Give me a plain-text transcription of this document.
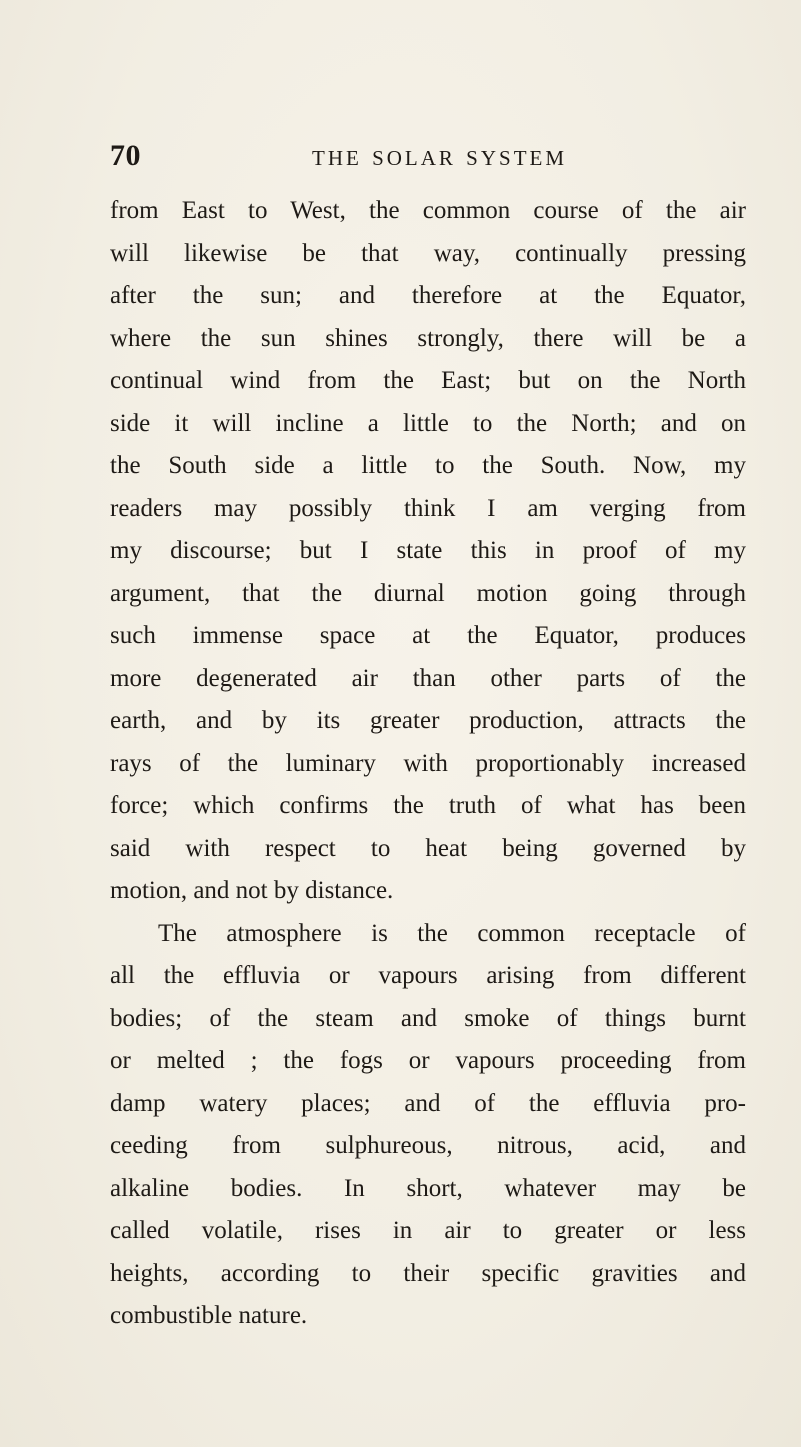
70	THE SOLAR SYSTEM
from East to West, the common course of the air
will likewise be that way, continually pressing
after the sun; and therefore at the Equator,
where the sun shines strongly, there will be a
continual wind from the East; but on the North
side it will incline a little to the North; and on
the South side a little to the South. Now, my
readers may possibly think I am verging from
my discourse; but I state this in proof of my
argument, that the diurnal motion going through
such immense space at the Equator, produces
more degenerated air than other parts of the
earth, and by its greater production, attracts the
rays of the luminary with proportionably increased
force; which confirms the truth of what has been
said with respect to heat being governed by
motion, and not by distance.
The atmosphere is the common receptacle of
all the effluvia or vapours arising from different
bodies; of the steam and smoke of things burnt
or melted ; the fogs or vapours proceeding from
damp watery places; and of the effluvia pro-
ceeding from sulphureous, nitrous, acid, and
alkaline bodies. In short, whatever may be
called volatile, rises in air to greater or less
heights, according to their specific gravities and
combustible nature.
